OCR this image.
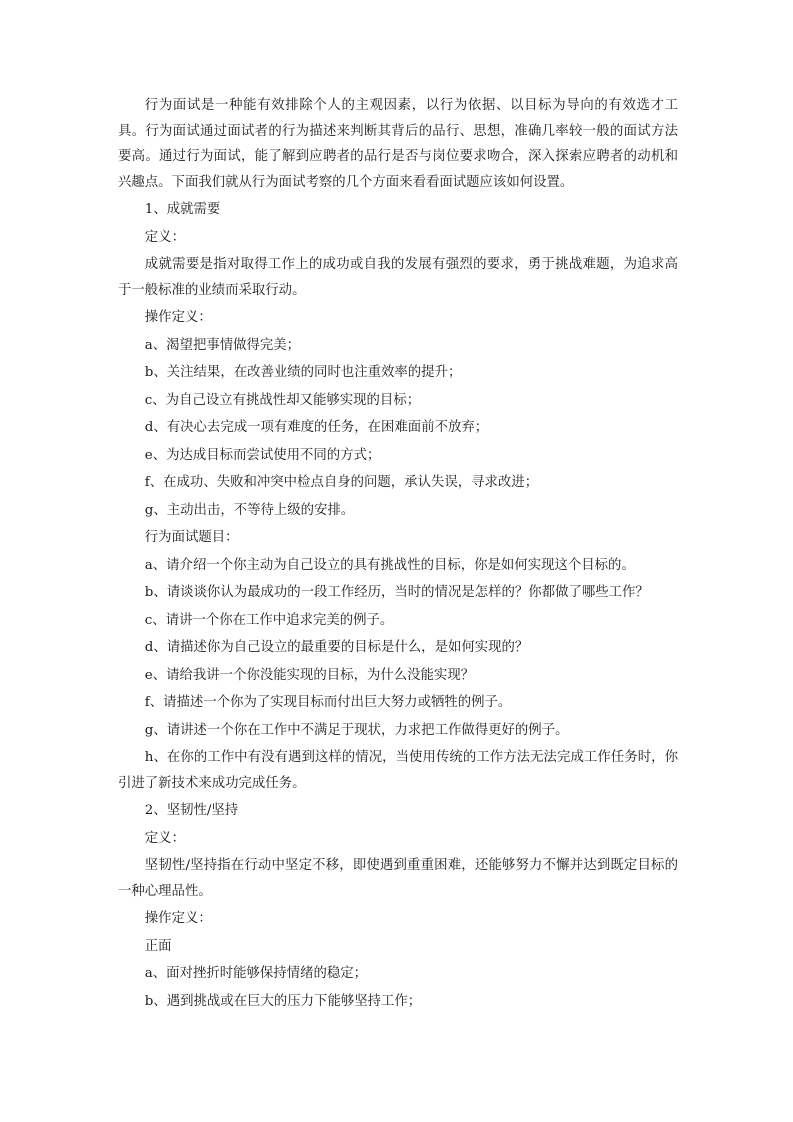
行为面试是一种能有效排除个人的主观因素，以行为依据、以目标为导向的有效选才工具。行为面试通过面试者的行为描述来判断其背后的品行、思想，准确几率较一般的面试方法要高。通过行为面试，能了解到应聘者的品行是否与岗位要求吻合，深入探索应聘者的动机和兴趣点。下面我们就从行为面试考察的几个方面来看看面试题应该如何设置。

1、成就需要

定义：

成就需要是指对取得工作上的成功或自我的发展有强烈的要求，勇于挑战难题，为追求高于一般标准的业绩而采取行动。

操作定义：

a、渴望把事情做得完美；

b、关注结果，在改善业绩的同时也注重效率的提升；

c、为自己设立有挑战性却又能够实现的目标；

d、有决心去完成一项有难度的任务，在困难面前不放弃；

e、为达成目标而尝试使用不同的方式；

f、在成功、失败和冲突中检点自身的问题，承认失误，寻求改进；

g、主动出击，不等待上级的安排。

行为面试题目：

a、请介绍一个你主动为自己设立的具有挑战性的目标，你是如何实现这个目标的。

b、请谈谈你认为最成功的一段工作经历，当时的情况是怎样的？你都做了哪些工作？

c、请讲一个你在工作中追求完美的例子。

d、请描述你为自己设立的最重要的目标是什么，是如何实现的？

e、请给我讲一个你没能实现的目标，为什么没能实现？

f、请描述一个你为了实现目标而付出巨大努力或牺牲的例子。

g、请讲述一个你在工作中不满足于现状，力求把工作做得更好的例子。

h、在你的工作中有没有遇到这样的情况，当使用传统的工作方法无法完成工作任务时，你引进了新技术来成功完成任务。

2、坚韧性/坚持

定义：

坚韧性/坚持指在行动中坚定不移，即使遇到重重困难，还能够努力不懈并达到既定目标的一种心理品性。

操作定义：

正面

a、面对挫折时能够保持情绪的稳定；

b、遇到挑战或在巨大的压力下能够坚持工作；
